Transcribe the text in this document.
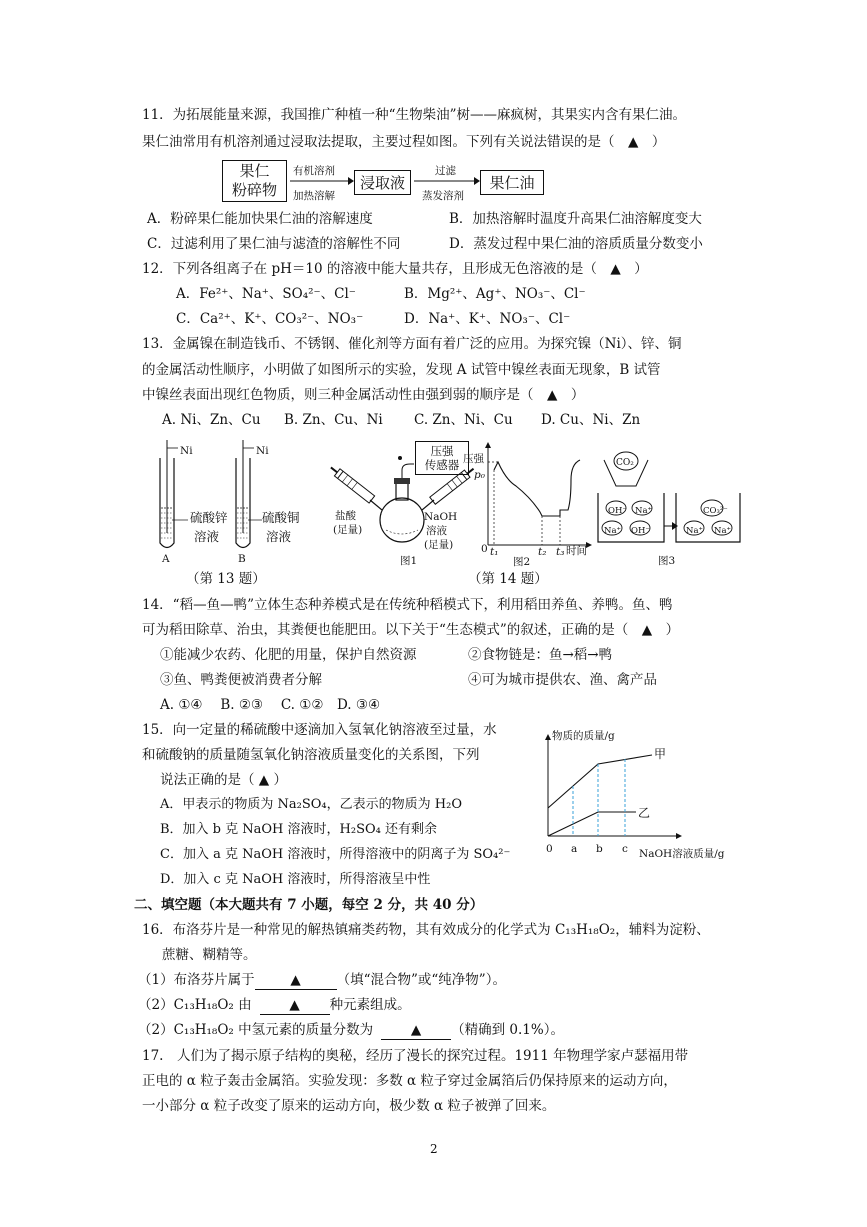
11．为拓展能量来源，我国推广种植一种“生物柴油”树——麻疯树，其果实内含有果仁油。
果仁油常用有机溶剂通过浸取法提取，主要过程如图。下列有关说法错误的是（　▲　）
果仁
粉碎物
有机溶剂
加热溶解
浸取液
过滤
蒸发溶剂
果仁油
A．粉碎果仁能加快果仁油的溶解速度	B．加热溶解时温度升高果仁油溶解度变大
C．过滤利用了果仁油与滤渣的溶解性不同	D．蒸发过程中果仁油的溶质质量分数变小
12．下列各组离子在 pH＝10 的溶液中能大量共存，且形成无色溶液的是（　▲　）
A．Fe²⁺、Na⁺、SO₄²⁻、Cl⁻	B．Mg²⁺、Ag⁺、NO₃⁻、Cl⁻
C．Ca²⁺、K⁺、CO₃²⁻、NO₃⁻	D．Na⁺、K⁺、NO₃⁻、Cl⁻
13．金属镍在制造钱币、不锈钢、催化剂等方面有着广泛的应用。为探究镍（Ni）、锌、铜
的金属活动性顺序，小明做了如图所示的实验，发现 A 试管中镍丝表面无现象，B 试管
中镍丝表面出现红色物质，则三种金属活动性由强到弱的顺序是（　▲　）
A. Ni、Zn、Cu B. Zn、Cu、Ni C. Zn、Ni、Cu D. Cu、Ni、Zn
Ni	Ni
硫酸锌
溶液
硫酸铜
溶液
A	B
（第 13 题）
压强
传感器
盐酸
(足量)
NaOH
溶液
(足量)
图1
压强
p₀
0 t₁	t₂ t₃ 时间
图2
CO₂
OH⁻ Na⁺
Na⁺ OH⁻
CO₃²⁻
Na⁺ Na⁺
图3
（第 14 题）
14．“稻—鱼—鸭”立体生态种养模式是在传统种稻模式下，利用稻田养鱼、养鸭。鱼、鸭
可为稻田除草、治虫，其粪便也能肥田。以下关于“生态模式”的叙述，正确的是（　▲　）
①能减少农药、化肥的用量，保护自然资源	②食物链是：鱼→稻→鸭
③鱼、鸭粪便被消费者分解	④可为城市提供农、渔、禽产品
A. ①④　 B. ②③　 C. ①②　D. ③④
15．向一定量的稀硫酸中逐滴加入氢氧化钠溶液至过量，水
和硫酸钠的质量随氢氧化钠溶液质量变化的关系图，下列
说法正确的是（ ▲ ）
A．甲表示的物质为 Na₂SO₄，乙表示的物质为 H₂O
B．加入 b 克 NaOH 溶液时，H₂SO₄ 还有剩余
C．加入 a 克 NaOH 溶液时，所得溶液中的阴离子为 SO₄²⁻
D．加入 c 克 NaOH 溶液时，所得溶液呈中性
物质的质量/g
甲
乙
0 a b c NaOH溶液质量/g
二、填空题（本大题共有 7 小题，每空 2 分，共 40 分）
16．布洛芬片是一种常见的解热镇痛类药物，其有效成分的化学式为 C₁₃H₁₈O₂，辅料为淀粉、
蔗糖、糊精等。
（1）布洛芬片属于	▲	（填“混合物”或“纯净物”）。
（2）C₁₃H₁₈O₂ 由	▲ 种元素组成。
（2）C₁₃H₁₈O₂ 中氢元素的质量分数为	▲ （精确到 0.1%）。
17.　人们为了揭示原子结构的奥秘，经历了漫长的探究过程。1911 年物理学家卢瑟福用带
正电的 α 粒子轰击金属箔。实验发现：多数 α 粒子穿过金属箔后仍保持原来的运动方向，
一小部分 α 粒子改变了原来的运动方向，极少数 α 粒子被弹了回来。
2
